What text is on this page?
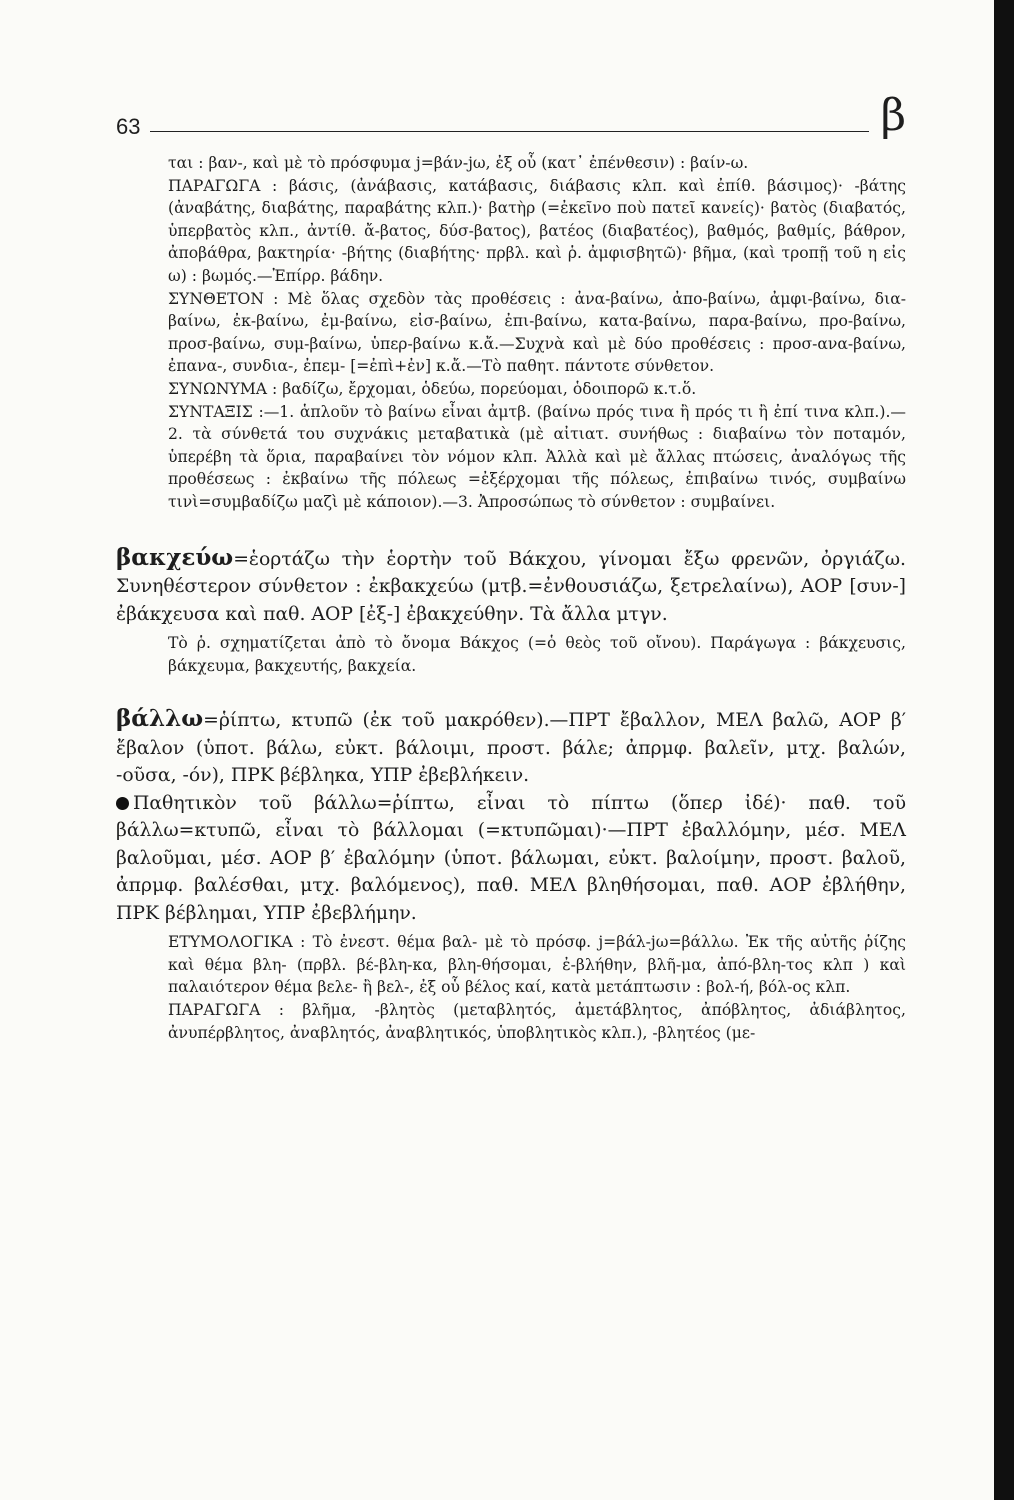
63	β

ται : βαν-, καὶ μὲ τὸ πρόσφυμα j=βάν-jω, ἐξ οὗ (κατ᾽ ἐπένθεσιν) : βαίν-ω.

ΠΑΡΑΓΩΓΑ : βάσις, (ἀνάβασις, κατάβασις, διάβασις κλπ. καὶ ἐπίθ. βάσιμος)· -βάτης (ἀναβάτης, διαβάτης, παραβάτης κλπ.)· βατὴρ (=ἐκεῖνο ποὺ πατεῖ κανείς)· βατὸς (διαβατός, ὑπερβατὸς κλπ., ἀντίθ. ἄ-βατος, δύσ-βατος), βατέος (διαβατέος), βαθμός, βαθμίς, βάθρον, ἀποβάθρα, βακτηρία· -βήτης (διαβήτης· πρβλ. καὶ ῥ. ἀμφισβητῶ)· βῆμα, (καὶ τροπῇ τοῦ η εἰς ω) : βωμός.—Ἐπίρρ. βάδην.

ΣΥΝΘΕΤΟΝ : Μὲ ὅλας σχεδὸν τὰς προθέσεις : ἀνα-βαίνω, ἀπο-βαίνω, ἀμφι-βαίνω, δια-βαίνω, ἐκ-βαίνω, ἐμ-βαίνω, εἰσ-βαίνω, ἐπι-βαίνω, κατα-βαίνω, παρα-βαίνω, προ-βαίνω, προσ-βαίνω, συμ-βαίνω, ὑπερ-βαίνω κ.ἄ.—Συχνὰ καὶ μὲ δύο προθέσεις : προσ-ανα-βαίνω, ἐπανα-, συνδια-, ἐπεμ- [=ἐπὶ+ἐν] κ.ἄ.—Τὸ παθητ. πάντοτε σύνθετον.

ΣΥΝΩΝΥΜΑ : βαδίζω, ἔρχομαι, ὁδεύω, πορεύομαι, ὁδοιπορῶ κ.τ.ὅ.

ΣΥΝΤΑΞΙΣ :—1. ἁπλοῦν τὸ βαίνω εἶναι ἀμτβ. (βαίνω πρός τινα ἢ πρός τι ἢ ἐπί τινα κλπ.).—2. τὰ σύνθετά του συχνάκις μεταβατικὰ (μὲ αἰτιατ. συνήθως : διαβαίνω τὸν ποταμόν, ὑπερέβη τὰ ὅρια, παραβαίνει τὸν νόμον κλπ. Ἀλλὰ καὶ μὲ ἄλλας πτώσεις, ἀναλόγως τῆς προθέσεως : ἐκβαίνω τῆς πόλεως =ἐξέρχομαι τῆς πόλεως, ἐπιβαίνω τινός, συμβαίνω τινὶ=συμβαδίζω μαζὶ μὲ κάποιον).—3. Ἀπροσώπως τὸ σύνθετον : συμβαίνει.

βακχεύω=ἑορτάζω τὴν ἑορτὴν τοῦ Βάκχου, γίνομαι ἔξω φρενῶν, ὀργιάζω. Συνηθέστερον σύνθετον : ἐκβακχεύω (μτβ.=ἐνθουσιάζω, ξετρελαίνω), ΑΟΡ [συν-] ἐβάκχευσα καὶ παθ. ΑΟΡ [ἐξ-] ἐβακχεύθην. Τὰ ἄλλα μτγν.

Τὸ ῥ. σχηματίζεται ἀπὸ τὸ ὄνομα Βάκχος (=ὁ θεὸς τοῦ οἴνου). Παράγωγα : βάκχευσις, βάκχευμα, βακχευτής, βακχεία.

βάλλω=ῥίπτω, κτυπῶ (ἐκ τοῦ μακρόθεν).—ΠΡΤ ἔβαλλον, ΜΕΛ βαλῶ, ΑΟΡ β′ ἔβαλον (ὑποτ. βάλω, εὐκτ. βάλοιμι, προστ. βάλε; ἀπρμφ. βαλεῖν, μτχ. βαλών, -οῦσα, -όν), ΠΡΚ βέβληκα, ΥΠΡ ἐβεβλήκειν.

Παθητικὸν τοῦ βάλλω=ῥίπτω, εἶναι τὸ πίπτω (ὅπερ ἰδέ)· παθ. τοῦ βάλλω=κτυπῶ, εἶναι τὸ βάλλομαι (=κτυπῶμαι)·—ΠΡΤ ἐβαλλόμην, μέσ. ΜΕΛ βαλοῦμαι, μέσ. ΑΟΡ β′ ἐβαλόμην (ὑποτ. βάλωμαι, εὐκτ. βαλοίμην, προστ. βαλοῦ, ἀπρμφ. βαλέσθαι, μτχ. βαλόμενος), παθ. ΜΕΛ βληθήσομαι, παθ. ΑΟΡ ἐβλήθην, ΠΡΚ βέβλημαι, ΥΠΡ ἐβεβλήμην.

ΕΤΥΜΟΛΟΓΙΚΑ : Τὸ ἐνεστ. θέμα βαλ- μὲ τὸ πρόσφ. j=βάλ-jω=βάλλω. Ἐκ τῆς αὐτῆς ῥίζης καὶ θέμα βλη- (πρβλ. βέ-βλη-κα, βλη-θήσομαι, ἐ-βλήθην, βλῆ-μα, ἀπό-βλη-τος κλπ ) καὶ παλαιότερον θέμα βελε- ἢ βελ-, ἐξ οὗ βέλος καί, κατὰ μετάπτωσιν : βολ-ή, βόλ-ος κλπ.

ΠΑΡΑΓΩΓΑ : βλῆμα, -βλητὸς (μεταβλητός, ἀμετάβλητος, ἀπόβλητος, ἀδιάβλητος, ἀνυπέρβλητος, ἀναβλητός, ἀναβλητικός, ὑποβλητικὸς κλπ.), -βλητέος (με-
